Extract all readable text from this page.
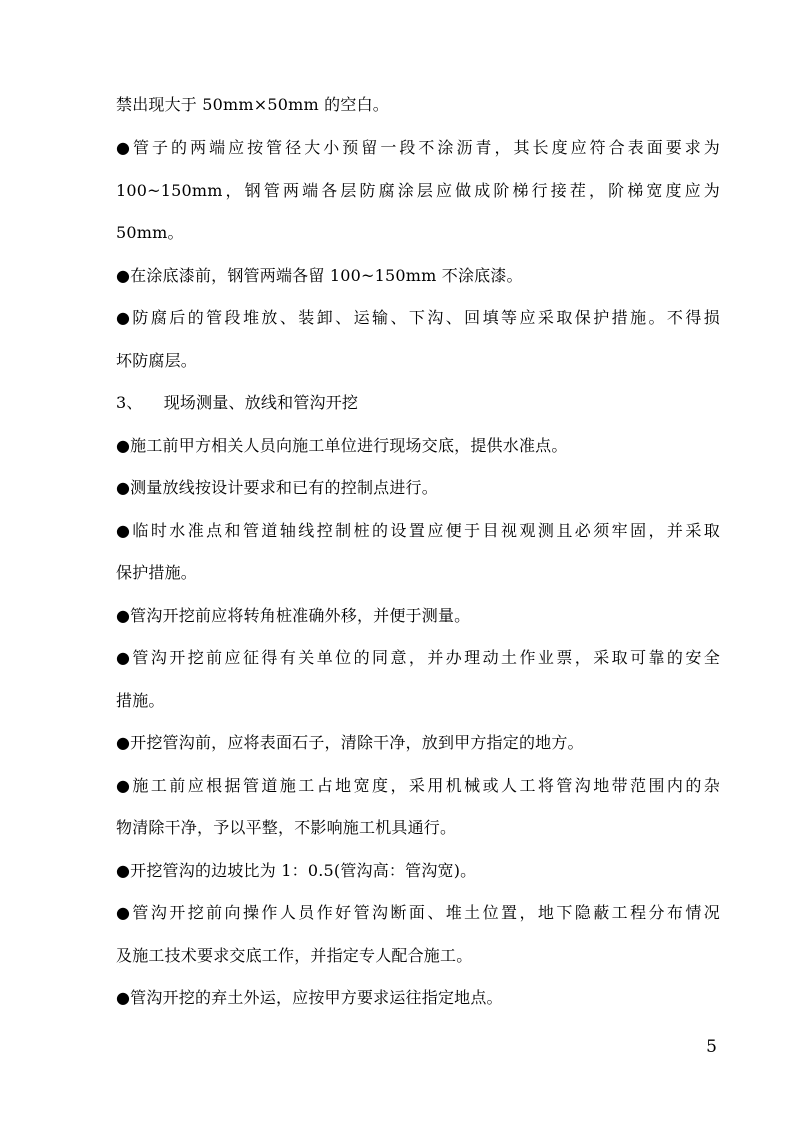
禁出现大于 50mm×50mm 的空白。
●管子的两端应按管径大小预留一段不涂沥青，其长度应符合表面要求为
100~150mm，钢管两端各层防腐涂层应做成阶梯行接茬，阶梯宽度应为
50mm。
●在涂底漆前，钢管两端各留 100~150mm 不涂底漆。
●防腐后的管段堆放、装卸、运输、下沟、回填等应采取保护措施。不得损
坏防腐层。
3、    现场测量、放线和管沟开挖
●施工前甲方相关人员向施工单位进行现场交底，提供水准点。
●测量放线按设计要求和已有的控制点进行。
●临时水准点和管道轴线控制桩的设置应便于目视观测且必须牢固，并采取
保护措施。
●管沟开挖前应将转角桩准确外移，并便于测量。
●管沟开挖前应征得有关单位的同意，并办理动土作业票，采取可靠的安全
措施。
●开挖管沟前，应将表面石子，清除干净，放到甲方指定的地方。
●施工前应根据管道施工占地宽度，采用机械或人工将管沟地带范围内的杂
物清除干净，予以平整，不影响施工机具通行。
●开挖管沟的边坡比为 1：0.5(管沟高：管沟宽)。
●管沟开挖前向操作人员作好管沟断面、堆土位置，地下隐蔽工程分布情况
及施工技术要求交底工作，并指定专人配合施工。
●管沟开挖的弃土外运，应按甲方要求运往指定地点。
5
